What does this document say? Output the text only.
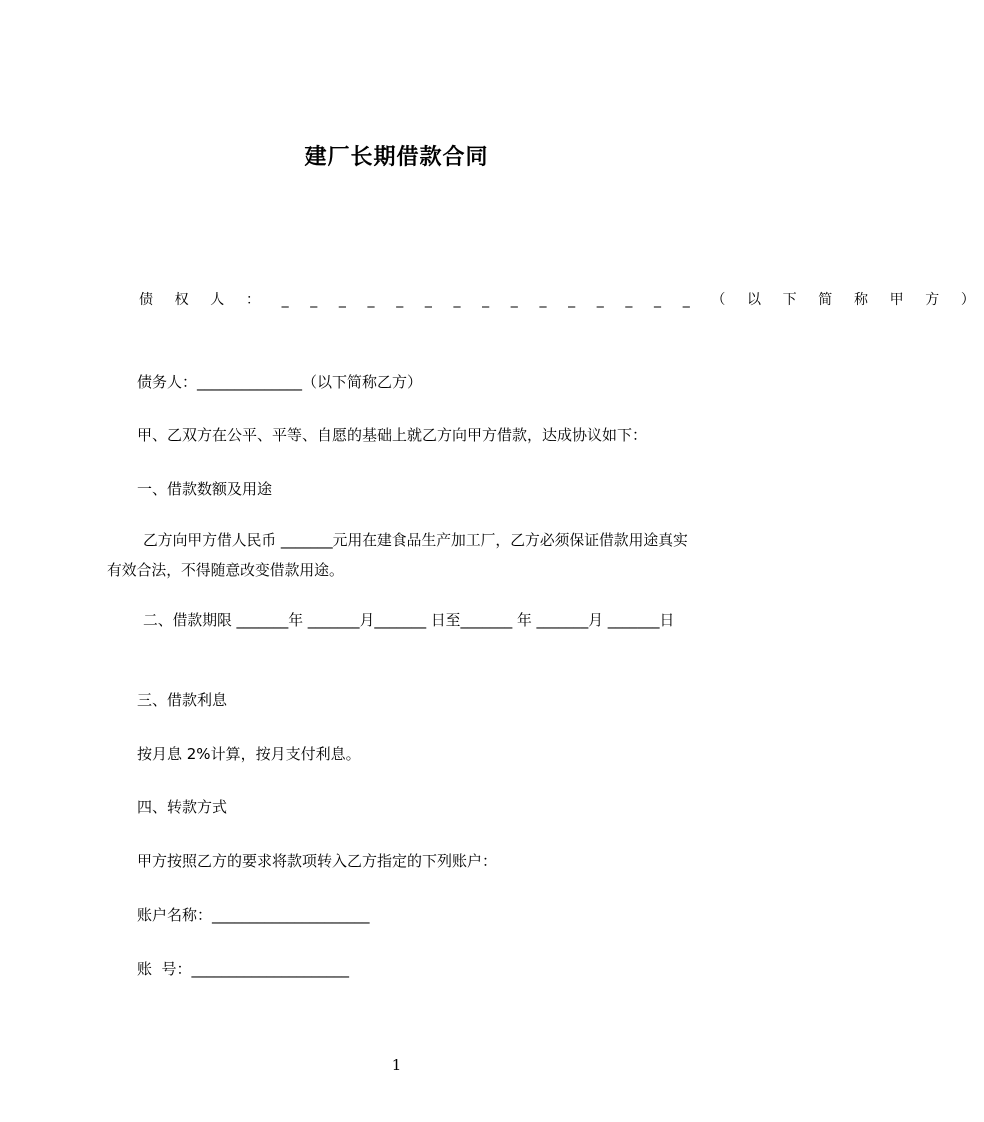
建厂长期借款合同
债 权 人 ： _ _ _ _ _ _ _ _ _ _ _ _ _ _ _ （ 以 下 简 称 甲 方 ）
债务人：______________（以下简称乙方）
甲、乙双方在公平、平等、自愿的基础上就乙方向甲方借款，达成协议如下：
一、借款数额及用途
乙方向甲方借人民币 _______元用在建食品生产加工厂，乙方必须保证借款用途真实有效合法，不得随意改变借款用途。
二、借款期限 _______年 _______月_______ 日至_______ 年 _______月 _______日
三、借款利息
按月息 2%计算，按月支付利息。
四、转款方式
甲方按照乙方的要求将款项转入乙方指定的下列账户：
账户名称：_____________________
账  号：_____________________
1
